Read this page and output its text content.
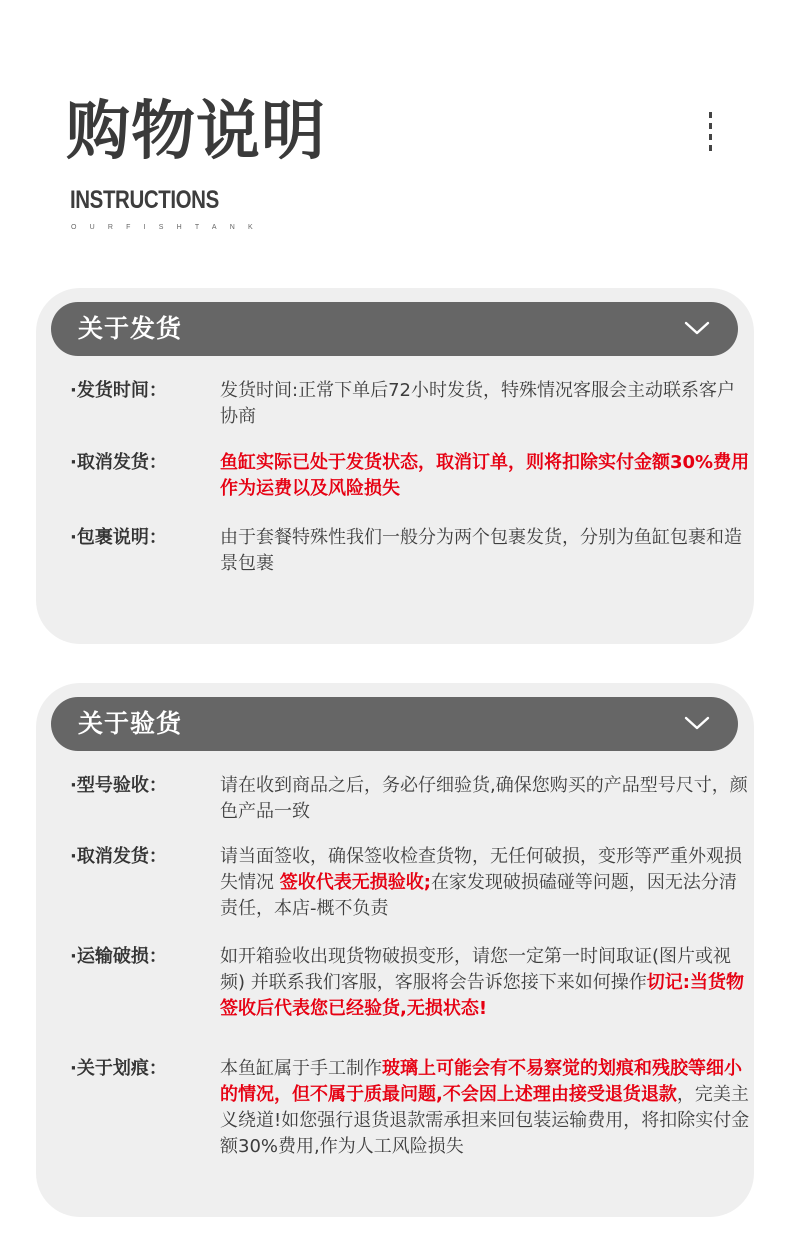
购物说明
INSTRUCTIONS
OURFISHTANK
关于发货
·发货时间：	发货时间:正常下单后72小时发货，特殊情况客服会主动联系客户协商
·取消发货：	鱼缸实际已处于发货状态，取消订单，则将扣除实付金额30%费用作为运费以及风险损失
·包裹说明：	由于套餐特殊性我们一般分为两个包裹发货，分别为鱼缸包裹和造景包裹
关于验货
·型号验收：	请在收到商品之后，务必仔细验货,确保您购买的产品型号尺寸，颜色产品一致
·取消发货：	请当面签收，确保签收检查货物，无任何破损，变形等严重外观损失情况 签收代表无损验收;在家发现破损磕碰等问题，因无法分清责任，本店-概不负责
·运输破损：	如开箱验收出现货物破损变形，请您一定第一时间取证(图片或视频) 并联系我们客服，客服将会告诉您接下来如何操作切记:当货物签收后代表您已经验货,无损状态!
·关于划痕：	本鱼缸属于手工制作玻璃上可能会有不易察觉的划痕和残胶等细小的情况，但不属于质最问题,不会因上述理由接受退货退款，完美主义绕道!如您强行退货退款需承担来回包装运输费用，将扣除实付金额30%费用,作为人工风险损失
